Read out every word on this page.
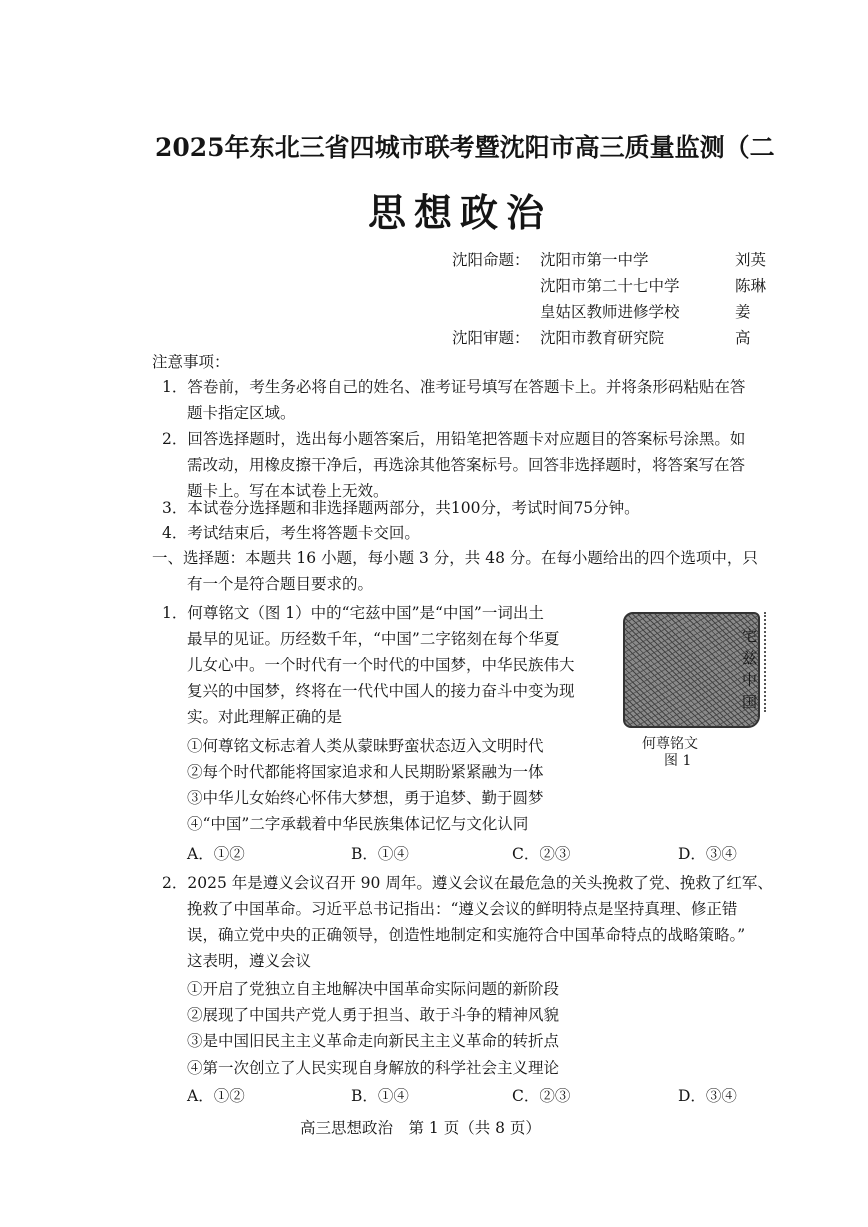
2025年东北三省四城市联考暨沈阳市高三质量监测（二
思想政治
沈阳命题： 沈阳市第一中学	刘英
沈阳市第二十七中学	陈琳
皇姑区教师进修学校	姜
沈阳审题： 沈阳市教育研究院	高
注意事项：
1．答卷前，考生务必将自己的姓名、准考证号填写在答题卡上。并将条形码粘贴在答
题卡指定区域。
2．回答选择题时，选出每小题答案后，用铅笔把答题卡对应题目的答案标号涂黑。如
需改动，用橡皮擦干净后，再选涂其他答案标号。回答非选择题时，将答案写在答
题卡上。写在本试卷上无效。
3．本试卷分选择题和非选择题两部分，共100分，考试时间75分钟。
4．考试结束后，考生将答题卡交回。
一、选择题：本题共 16 小题，每小题 3 分，共 48 分。在每小题给出的四个选项中，只
有一个是符合题目要求的。
1．何尊铭文（图 1）中的“宅兹中国”是“中国”一词出土
最早的见证。历经数千年，“中国”二字铭刻在每个华夏
儿女心中。一个时代有一个时代的中国梦，中华民族伟大
复兴的中国梦，终将在一代代中国人的接力奋斗中变为现
实。对此理解正确的是
①何尊铭文标志着人类从蒙昧野蛮状态迈入文明时代
②每个时代都能将国家追求和人民期盼紧紧融为一体
③中华儿女始终心怀伟大梦想，勇于追梦、勤于圆梦
④“中国”二字承载着中华民族集体记忆与文化认同
A．①②	B．①④	C．②③	D．③④
宅兹中国
何尊铭文
图 1
2．2025 年是遵义会议召开 90 周年。遵义会议在最危急的关头挽救了党、挽救了红军、
挽救了中国革命。习近平总书记指出：“遵义会议的鲜明特点是坚持真理、修正错
误，确立党中央的正确领导，创造性地制定和实施符合中国革命特点的战略策略。”
这表明，遵义会议
①开启了党独立自主地解决中国革命实际问题的新阶段
②展现了中国共产党人勇于担当、敢于斗争的精神风貌
③是中国旧民主主义革命走向新民主主义革命的转折点
④第一次创立了人民实现自身解放的科学社会主义理论
A．①②	B．①④	C．②③	D．③④
高三思想政治　第 1 页（共 8 页）
